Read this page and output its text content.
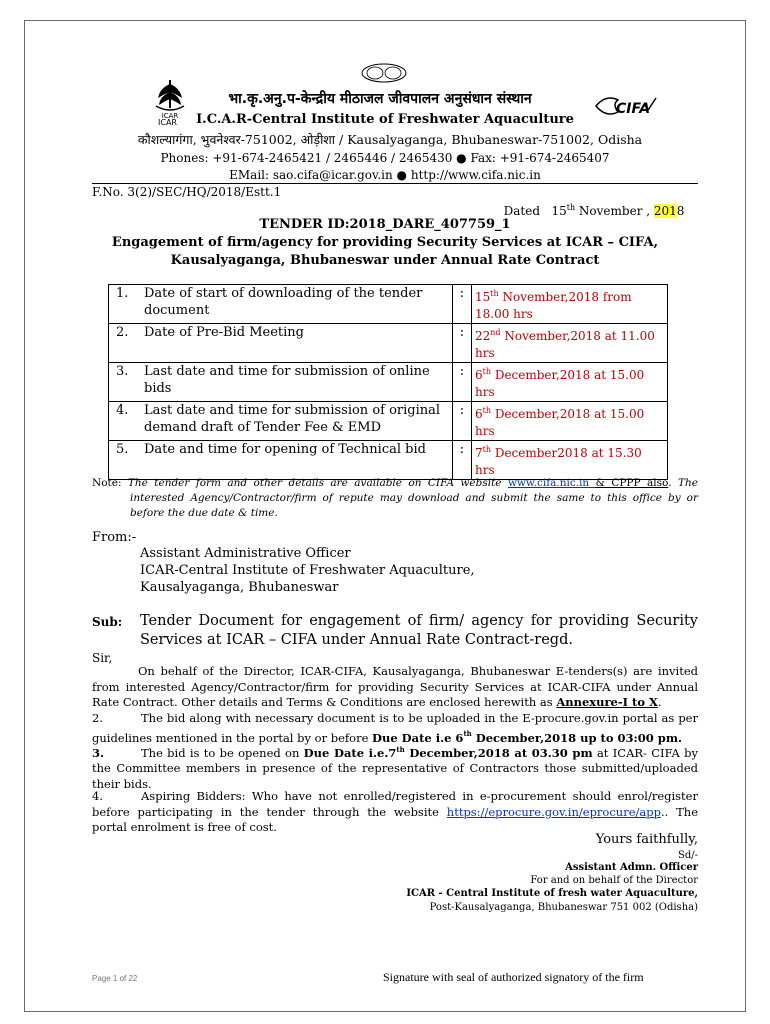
ICAR
ICAR
CIFA
भा.कृ.अनु.प-केन्द्रीय मीठाजल जीवपालन अनुसंधान संस्थान
I.C.A.R-Central Institute of Freshwater Aquaculture
कौशल्यागंगा, भुवनेश्वर-751002, ओड़ीशा / Kausalyaganga, Bhubaneswar-751002, Odisha
Phones: +91-674-2465421 / 2465446 / 2465430 ● Fax: +91-674-2465407
EMail: sao.cifa@icar.gov.in ● http://www.cifa.nic.in
F.No. 3(2)/SEC/HQ/2018/Estt.1

Dated   15th November , 2018

TENDER ID:2018_DARE_407759_1
Engagement of firm/agency for providing Security Services at ICAR – CIFA,
Kausalyaganga, Bhubaneswar under Annual Rate Contract
1.	Date of start of downloading of the tender document	:	15th November,2018 from 18.00 hrs
2.	Date of Pre-Bid Meeting	:	22nd November,2018 at 11.00 hrs
3.	Last date and time for submission of online bids	:	6th December,2018 at 15.00 hrs
4.	Last date and time for submission of original demand draft of Tender Fee & EMD	:	6th December,2018 at 15.00 hrs
5.	Date and time for opening of Technical bid	:	7th December2018 at 15.30 hrs
Note: The tender form and other details are available on CIFA website www.cifa.nic.in & CPPP also. The interested Agency/Contractor/firm of repute may download and submit the same to this office by or before the due date & time.
From:-
Assistant Administrative Officer
ICAR-Central Institute of Freshwater Aquaculture,
Kausalyaganga, Bhubaneswar
Sub: Tender Document for engagement of firm/ agency for providing Security
Services at ICAR – CIFA under Annual Rate Contract-regd.
Sir,
On behalf of the Director, ICAR-CIFA, Kausalyaganga, Bhubaneswar E-tenders(s) are invited from interested Agency/Contractor/firm for providing Security Services at ICAR-CIFA under Annual Rate Contract. Other details and Terms & Conditions are enclosed herewith as Annexure-I to X.
2.	The bid along with necessary document is to be uploaded in the E-procure.gov.in portal as per guidelines mentioned in the portal by or before Due Date i.e 6th December,2018 up to 03:00 pm.
3.	The bid is to be opened on Due Date i.e.7th December,2018 at 03.30 pm at ICAR- CIFA by the Committee members in presence of the representative of Contractors those submitted/uploaded their bids.
4.	Aspiring Bidders: Who have not enrolled/registered in e-procurement should enrol/register before participating in the tender through the website https://eprocure.gov.in/eprocure/app.. The portal enrolment is free of cost.
Yours faithfully,
Sd/-
Assistant Admn. Officer
For and on behalf of the Director
ICAR - Central Institute of fresh water Aquaculture,
Post-Kausalyaganga, Bhubaneswar 751 002 (Odisha)
Page 1 of 22	Signature with seal of authorized signatory of the firm
